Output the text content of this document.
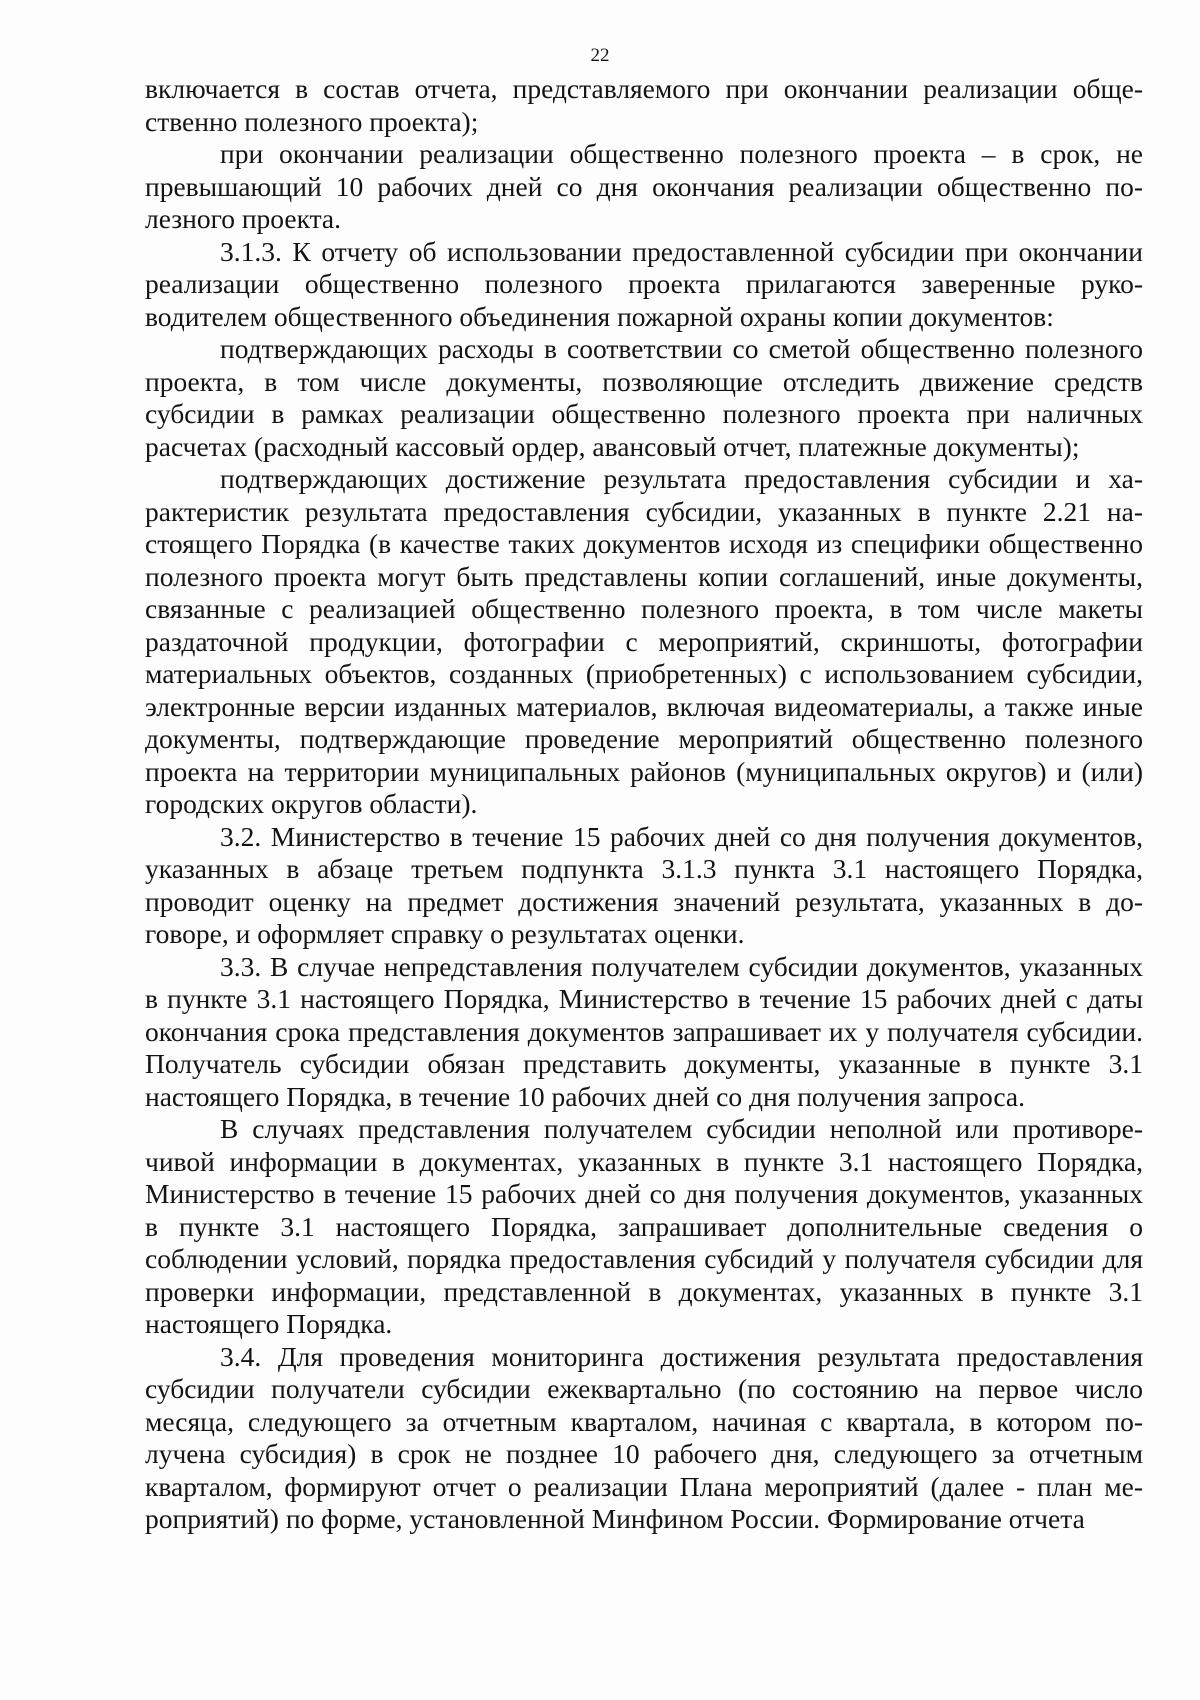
22

включается в состав отчета, представляемого при окончании реализации общественно полезного проекта);

при окончании реализации общественно полезного проекта – в срок, не превышающий 10 рабочих дней со дня окончания реализации общественно полезного проекта.

3.1.3. К отчету об использовании предоставленной субсидии при окончании реализации общественно полезного проекта прилагаются заверенные руководителем общественного объединения пожарной охраны копии документов:

подтверждающих расходы в соответствии со сметой общественно полезного проекта, в том числе документы, позволяющие отследить движение средств субсидии в рамках реализации общественно полезного проекта при наличных расчетах (расходный кассовый ордер, авансовый отчет, платежные документы);

подтверждающих достижение результата предоставления субсидии и характеристик результата предоставления субсидии, указанных в пункте 2.21 настоящего Порядка (в качестве таких документов исходя из специфики общественно полезного проекта могут быть представлены копии соглашений, иные документы, связанные с реализацией общественно полезного проекта, в том числе макеты раздаточной продукции, фотографии с мероприятий, скриншоты, фотографии материальных объектов, созданных (приобретенных) с использованием субсидии, электронные версии изданных материалов, включая видеоматериалы, а также иные документы, подтверждающие проведение мероприятий общественно полезного проекта на территории муниципальных районов (муниципальных округов) и (или) городских округов области).

3.2. Министерство в течение 15 рабочих дней со дня получения документов, указанных в абзаце третьем подпункта 3.1.3 пункта 3.1 настоящего Порядка, проводит оценку на предмет достижения значений результата, указанных в договоре, и оформляет справку о результатах оценки.

3.3. В случае непредставления получателем субсидии документов, указанных в пункте 3.1 настоящего Порядка, Министерство в течение 15 рабочих дней с даты окончания срока представления документов запрашивает их у получателя субсидии. Получатель субсидии обязан представить документы, указанные в пункте 3.1 настоящего Порядка, в течение 10 рабочих дней со дня получения запроса.

В случаях представления получателем субсидии неполной или противоречивой информации в документах, указанных в пункте 3.1 настоящего Порядка, Министерство в течение 15 рабочих дней со дня получения документов, указанных в пункте 3.1 настоящего Порядка, запрашивает дополнительные сведения о соблюдении условий, порядка предоставления субсидий у получателя субсидии для проверки информации, представленной в документах, указанных в пункте 3.1 настоящего Порядка.

3.4. Для проведения мониторинга достижения результата предоставления субсидии получатели субсидии ежеквартально (по состоянию на первое число месяца, следующего за отчетным кварталом, начиная с квартала, в котором получена субсидия) в срок не позднее 10 рабочего дня, следующего за отчетным кварталом, формируют отчет о реализации Плана мероприятий (далее - план мероприятий) по форме, установленной Минфином России. Формирование отчета
